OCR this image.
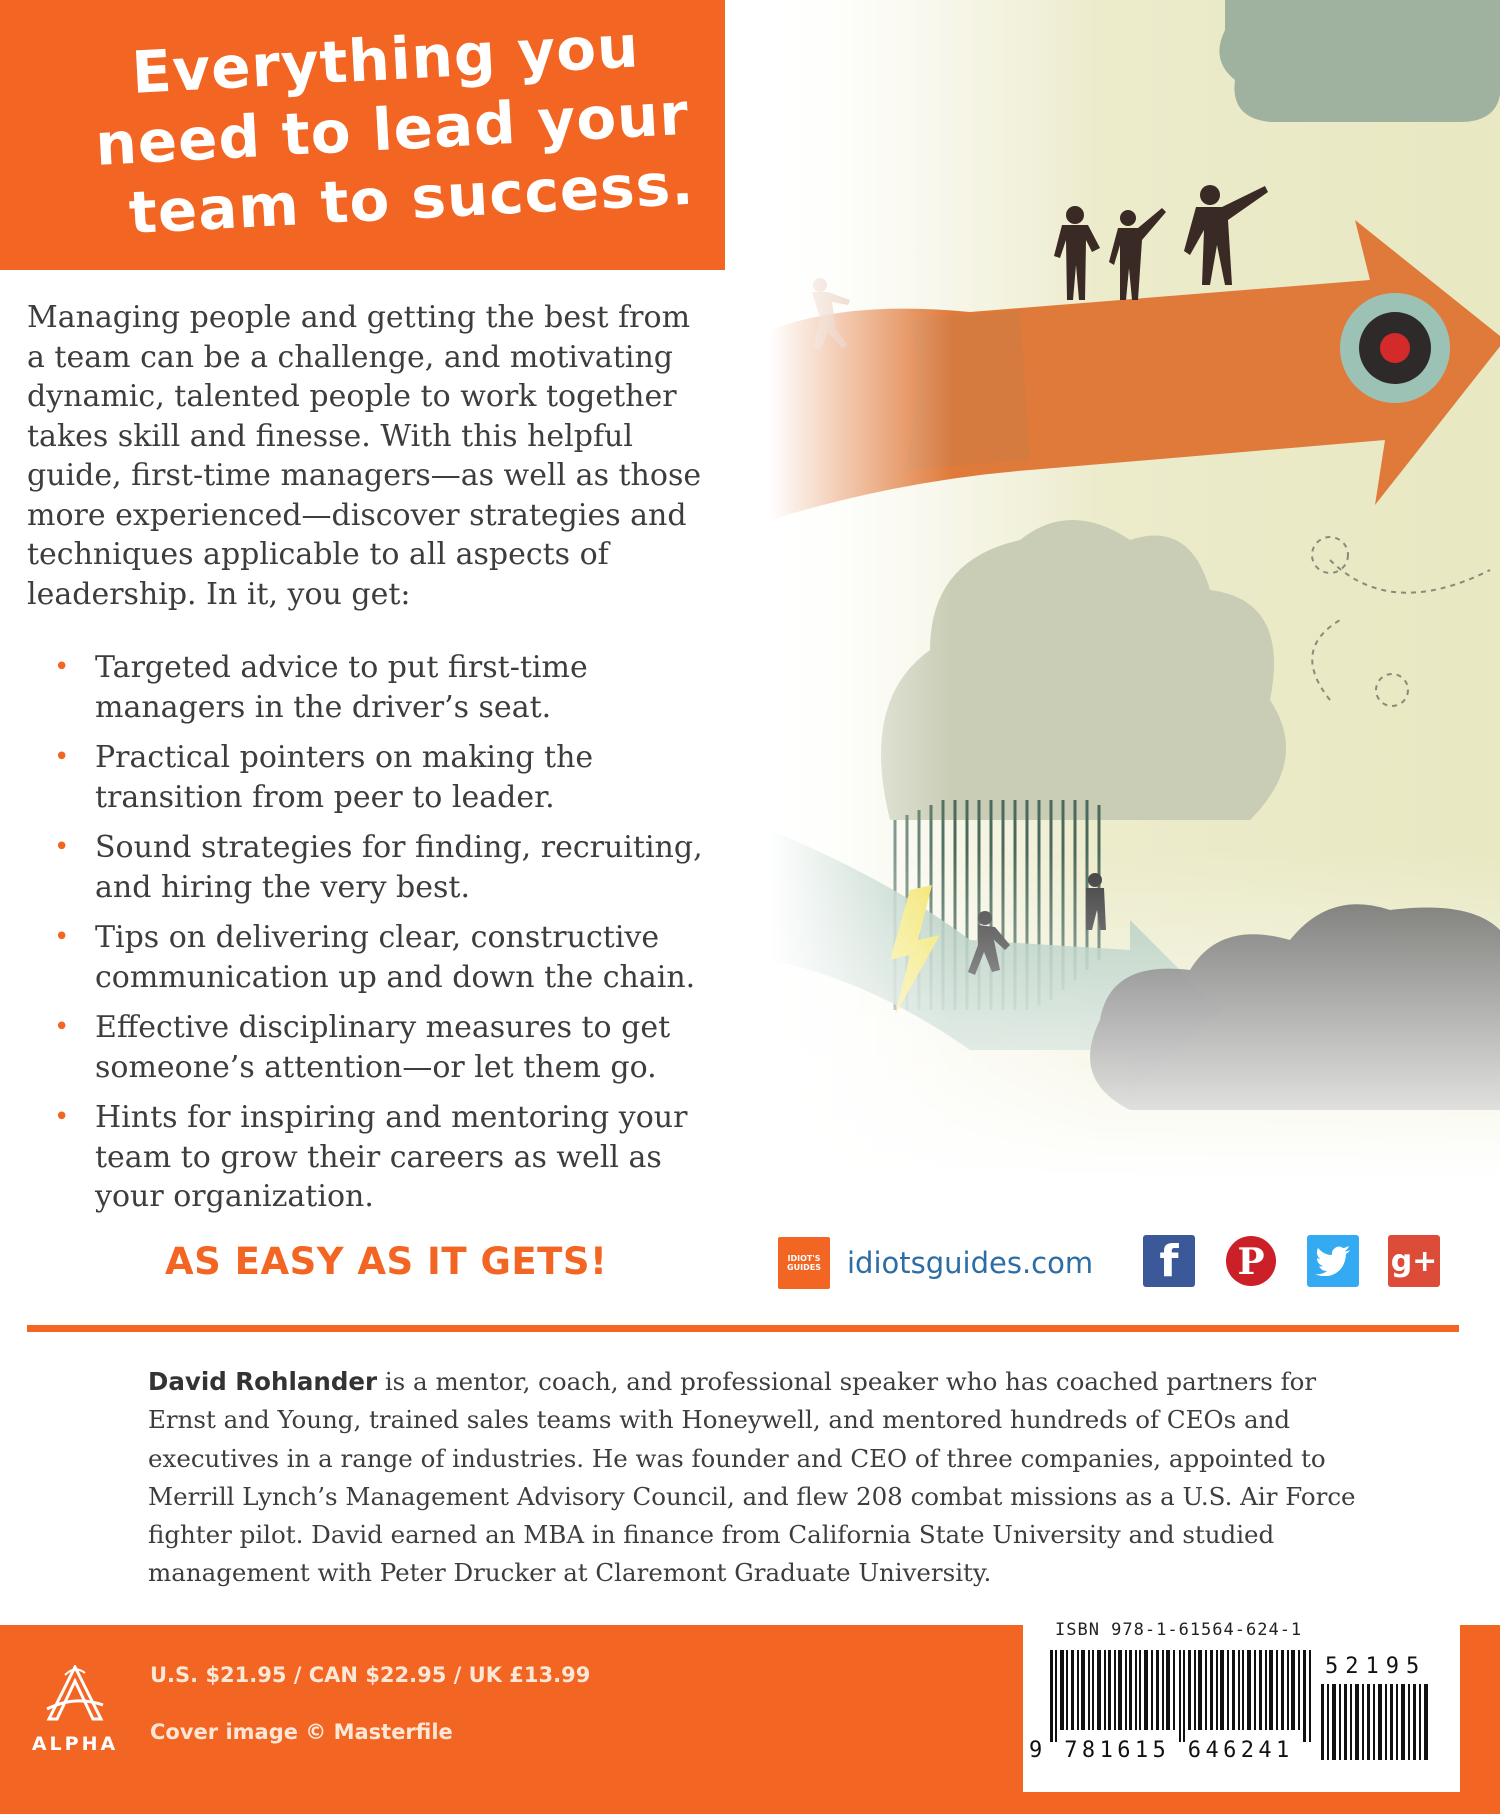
Everything you
need to lead your
team to success.

Managing people and getting the best from a team can be a challenge, and motivating dynamic, talented people to work together takes skill and finesse. With this helpful guide, first-time managers—as well as those more experienced—discover strategies and techniques applicable to all aspects of leadership. In it, you get:

• Targeted advice to put first-time managers in the driver’s seat.
• Practical pointers on making the transition from peer to leader.
• Sound strategies for finding, recruiting, and hiring the very best.
• Tips on delivering clear, constructive communication up and down the chain.
• Effective disciplinary measures to get someone’s attention—or let them go.
• Hints for inspiring and mentoring your team to grow their careers as well as your organization.
AS EASY AS IT GETS!	IDIOT'S GUIDES idiotsguides.com f P	g+

David Rohlander is a mentor, coach, and professional speaker who has coached partners for Ernst and Young, trained sales teams with Honeywell, and mentored hundreds of CEOs and executives in a range of industries. He was founder and CEO of three companies, appointed to Merrill Lynch’s Management Advisory Council, and flew 208 combat missions as a U.S. Air Force fighter pilot. David earned an MBA in finance from California State University and studied management with Peter Drucker at Claremont Graduate University.

ALPHA
U.S. $21.95 / CAN $22.95 / UK £13.99
Cover image © Masterfile
ISBN 978-1-61564-624-1
9 781615 646241
52195
